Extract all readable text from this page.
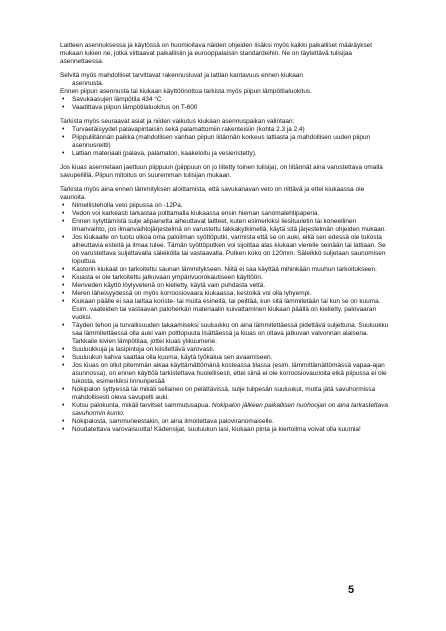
Laitteen asennuksessa ja käytössä on huomioitava näiden ohjeiden lisäksi myös kaikki paikalliset määräykset mukaan lukien ne, jotka viittaavat paikallisiin ja eurooppalaisiin standardeihin. Ne on täytettävä tulisijaa asennettaessa.

Selvitä myös mahdolliset tarvittavat rakennusluvat ja lattian kantavuus ennen kiukaan

asennusta.

Ennen piipun asennusta tai kiukaan käyttöönottoa tarkista myös piipun lämpötilaluokitus.

• Savukaasujen lämpötila 434 °C
• Vaadittava piipun lämpötilaluokitus on T-600

Tarkista myös seuraavat asiat ja niiden vaikutus kiukaan asennuspaikan valintaan:

• Turvaetäisyydet palavapintaisiin sekä palamattomiin rakenteisiin (kohta 2.3 ja 2.4)
• Piippuliitännän paikka (mahdollisen vanhan piipun liitännän korkeus lattiasta ja mahdollisen uuden piipun asennusreitti)
• Lattian materiaali (palava, palamaton, kaakeloitu ja vesieristetty).

Jos kiuas asennetaan jaettuun piippuun (piippuun on jo liitetty toinen tulisija), on liitännät aina varustettava omalla savupellillä. Piipun mitoitus on suuremman tulisijan mukaan.

Tarkista myös aina ennen lämmityksen aloittamista, että savukanavan veto on riittävä ja ettei kiukaassa ole vaurioita.

• Nimellisteholla veto piipussa on -12Pa.
• Vedon voi karkeasti tarkastaa polttamalla kiukaassa ensin hieman sanomalehtipaperia.
• Ennen sytyttämistä sulje alipainetta aiheuttavat laitteet, kuten esimerkiksi liesituuletin tai koneellinen ilmanvaihto, jos ilmanvaihtojärjestelmä on varustettu takkakytkimellä, käytä sitä järjestelmän ohjeiden mukaan.
• Jos kiukaalle on tuotu ulkoa oma paloilman syöttöputki, varmista että se on auki, eikä sen edessä ole tukosta aiheuttavia esteitä ja ilmaa tulee. Tämän syöttöputken voi sijoittaa alas kiukaan vierelle seinään tai lattiaan. Se on varustettava suljettavalla säleikölla tai vastaavalla. Putken koko on 120mm. Säleikkö suljetaan saunomisen loputtua.
• Kastorin kiukaat on tarkoitettu saunan lämmitykseen. Niitä ei saa käyttää mihinkään muuhun tarkoitukseen.
• Kiuasta ei ole tarkoitettu jatkuvaan ympärivuorokautiseen käyttöön.
• Meriveden käyttö löylyvetenä on kielletty, käytä vain puhdasta vettä.
• Meren läheisyydessä on myös korroosiovaara kiukaassa, kestoikä voi olla lyhyempi.
• Kiukaan päälle ei saa laittaa koriste- tai muita esineitä, tai peittää, kun sitä lämmitetään tai kun se on kuuma. Esim. vaateiden tai vastaavan paloherkän materiaalin kuivattaminen kiukaan päällä on kielletty, palovaaran vuoksi.
• Täyden tehon ja turvallisuuden takaamiseksi suuluukku on aina lämmitettäessä pidettävä suljettuna. Suuluukku saa lämmitettäessä olla auki vain polttopuuta lisättäessä ja kiuas on oltava jatkuvan valvonnan alaisena. Tarkkaile kivien lämpötilaa, jottei kiuas ylikuumene.
• Suuluukkuja ja lasipintoja on kiisitettävä varovasti.
• Suuluukun kahva saattaa olla kuuma, käytä työkalua sen avaamiseen.
• Jos kiuas on ollut pitemmän aikaa käyttämättömänä kosteassa tilassa (esim. lämmittämättömässä vapaa-ajan asunnossa), on ennen käyttöä tarkistettava huolellisesti, ettei siinä ei ole korroosiovaurioita eikä piipussa ei ole tukosta, esimerkiksi linnunpesää
• Nokipalon syttyessä tai mikäli sellainen on pelättävissä, sulje tulipesän suuluukut, mutta jätä savuhormissa mahdollisesti oleva savupelti auki.
• Kutsu palokunta, mikäli tarvitset sammutusapua. Nokipalon jälkeen paikallisen nuohoojan on aina tarkastettava savuhormin kunto.
• Nokipalosta, sammuneestakin, on aina ilmoitettava paloviranomaiselle.
• Noudatettava varovaisuutta! Kädensijat, suuluukun lasi, kiukaan pinta ja kiertoilma voivat olla kuumia!
5
